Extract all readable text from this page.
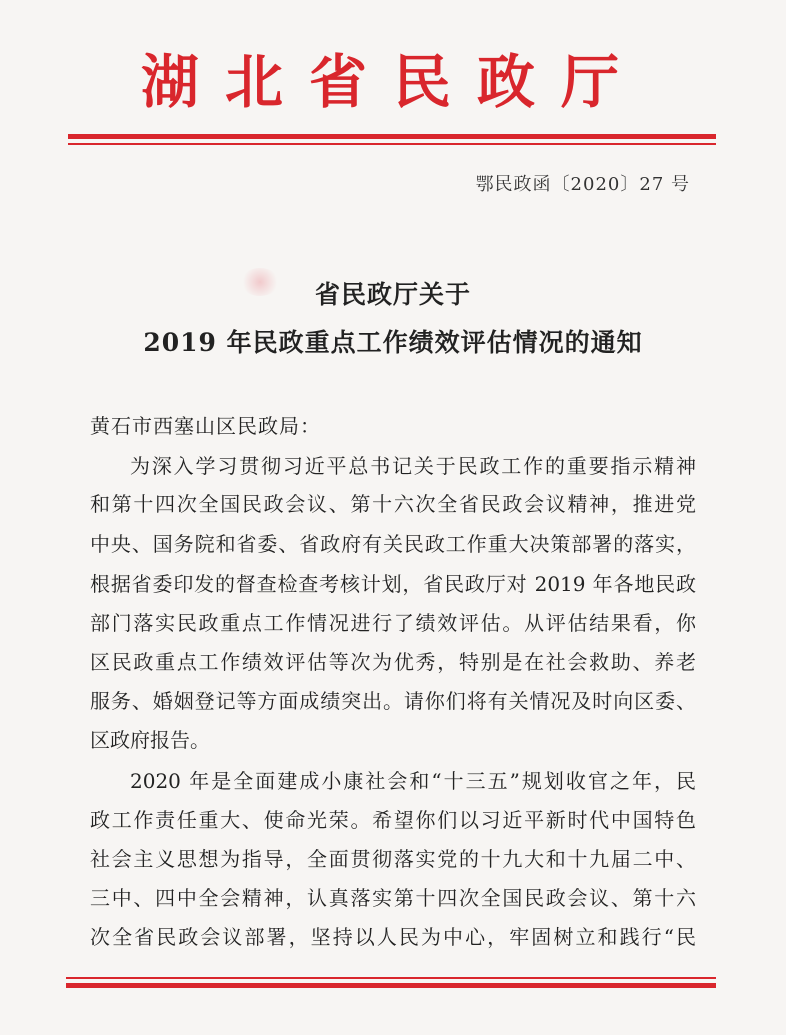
湖北省民政厅
鄂民政函〔2020〕27 号
省民政厅关于
2019 年民政重点工作绩效评估情况的通知
黄石市西塞山区民政局：
为深入学习贯彻习近平总书记关于民政工作的重要指示精神
和第十四次全国民政会议、第十六次全省民政会议精神，推进党
中央、国务院和省委、省政府有关民政工作重大决策部署的落实，
根据省委印发的督查检查考核计划，省民政厅对 2019 年各地民政
部门落实民政重点工作情况进行了绩效评估。从评估结果看，你
区民政重点工作绩效评估等次为优秀，特别是在社会救助、养老
服务、婚姻登记等方面成绩突出。请你们将有关情况及时向区委、
区政府报告。
2020 年是全面建成小康社会和“十三五”规划收官之年，民
政工作责任重大、使命光荣。希望你们以习近平新时代中国特色
社会主义思想为指导，全面贯彻落实党的十九大和十九届二中、
三中、四中全会精神，认真落实第十四次全国民政会议、第十六
次全省民政会议部署，坚持以人民为中心，牢固树立和践行“民
